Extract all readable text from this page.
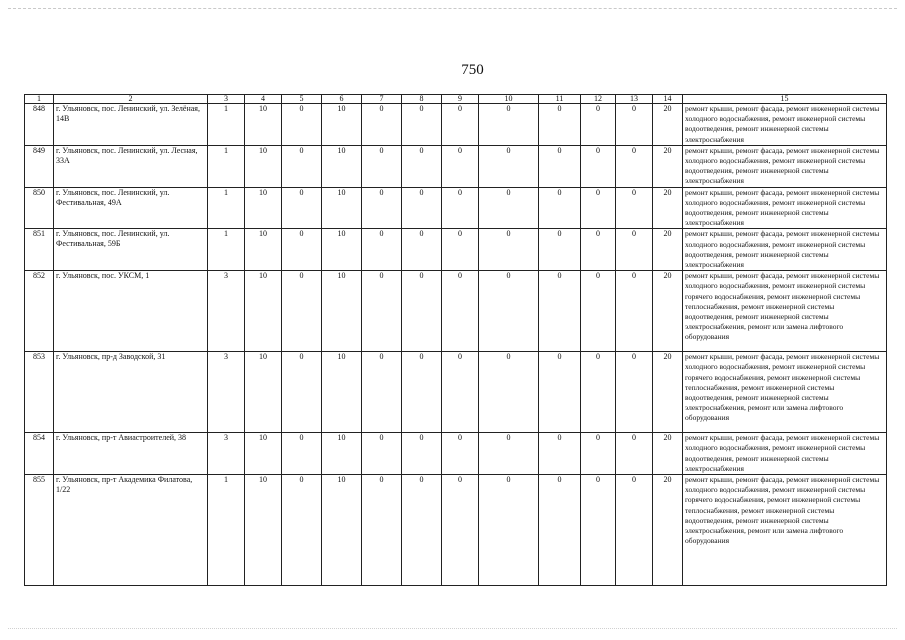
750
1	2	3	4	5	6	7	8	9	10	11	12	13	14	15
848	г. Ульяновск, пос. Ленинский, ул. Зелёная, 14В	1	10	0	10	0	0	0	0	0	0	0	20	ремонт крыши, ремонт фасада, ремонт инженерной системы холодного водоснабжения, ремонт инженерной системы водоотведения, ремонт инженерной системы электроснабжения
849	г. Ульяновск, пос. Ленинский, ул. Лесная, 33А	1	10	0	10	0	0	0	0	0	0	0	20	ремонт крыши, ремонт фасада, ремонт инженерной системы холодного водоснабжения, ремонт инженерной системы водоотведения, ремонт инженерной системы электроснабжения
850	г. Ульяновск, пос. Ленинский, ул. Фестивальная, 49А	1	10	0	10	0	0	0	0	0	0	0	20	ремонт крыши, ремонт фасада, ремонт инженерной системы холодного водоснабжения, ремонт инженерной системы водоотведения, ремонт инженерной системы электроснабжения
851	г. Ульяновск, пос. Ленинский, ул. Фестивальная, 59Б	1	10	0	10	0	0	0	0	0	0	0	20	ремонт крыши, ремонт фасада, ремонт инженерной системы холодного водоснабжения, ремонт инженерной системы водоотведения, ремонт инженерной системы электроснабжения
852	г. Ульяновск, пос. УКСМ, 1	3	10	0	10	0	0	0	0	0	0	0	20	ремонт крыши, ремонт фасада, ремонт инженерной системы холодного водоснабжения, ремонт инженерной системы горячего водоснабжения, ремонт инженерной системы теплоснабжения, ремонт инженерной системы водоотведения, ремонт инженерной системы электроснабжения, ремонт или замена лифтового оборудования
853	г. Ульяновск, пр-д Заводской, 31	3	10	0	10	0	0	0	0	0	0	0	20	ремонт крыши, ремонт фасада, ремонт инженерной системы холодного водоснабжения, ремонт инженерной системы горячего водоснабжения, ремонт инженерной системы теплоснабжения, ремонт инженерной системы водоотведения, ремонт инженерной системы электроснабжения, ремонт или замена лифтового оборудования
854	г. Ульяновск, пр-т Авиастроителей, 38	3	10	0	10	0	0	0	0	0	0	0	20	ремонт крыши, ремонт фасада, ремонт инженерной системы холодного водоснабжения, ремонт инженерной системы водоотведения, ремонт инженерной системы электроснабжения
855	г. Ульяновск, пр-т Академика Филатова, 1/22	1	10	0	10	0	0	0	0	0	0	0	20	ремонт крыши, ремонт фасада, ремонт инженерной системы холодного водоснабжения, ремонт инженерной системы горячего водоснабжения, ремонт инженерной системы теплоснабжения, ремонт инженерной системы водоотведения, ремонт инженерной системы электроснабжения, ремонт или замена лифтового оборудования
